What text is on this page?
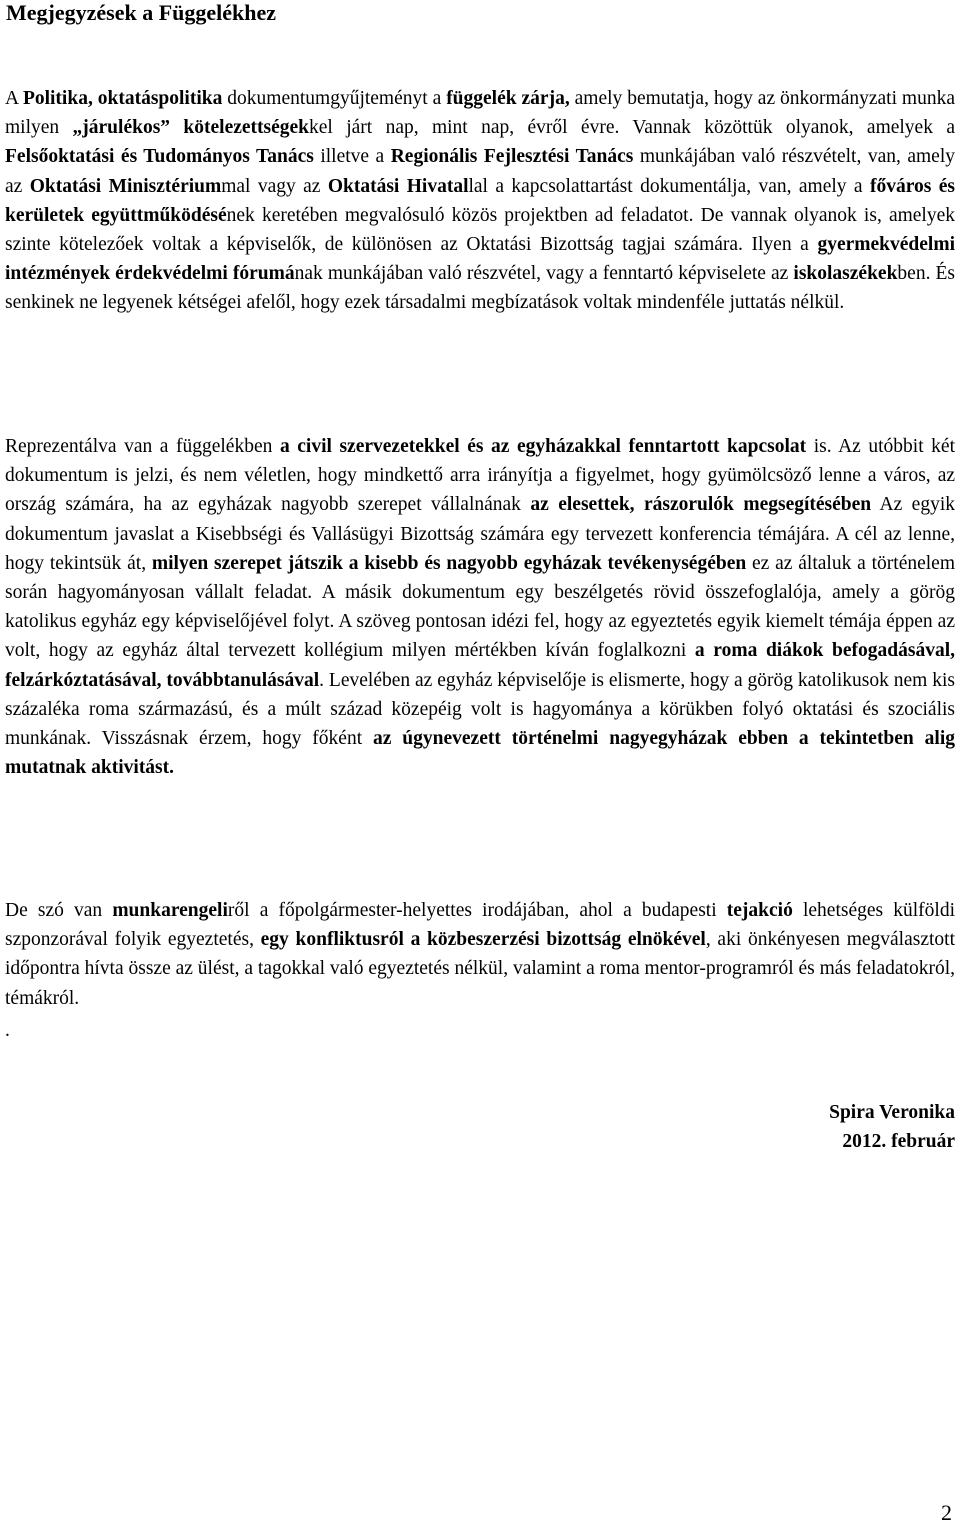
Megjegyzések a Függelékhez

A Politika, oktatáspolitika dokumentumgyűjteményt a függelék zárja, amely bemutatja, hogy az önkormányzati munka milyen „járulékos” kötelezettségekkel járt nap, mint nap, évről évre. Vannak közöttük olyanok, amelyek a Felsőoktatási és Tudományos Tanács illetve a Regionális Fejlesztési Tanács munkájában való részvételt, van, amely az Oktatási Minisztériummal vagy az Oktatási Hivatallal a kapcsolattartást dokumentálja, van, amely a főváros és kerületek együttműködésének keretében megvalósuló közös projektben ad feladatot. De vannak olyanok is, amelyek szinte kötelezőek voltak a képviselők, de különösen az Oktatási Bizottság tagjai számára. Ilyen a gyermekvédelmi intézmények érdekvédelmi fórumának munkájában való részvétel, vagy a fenntartó képviselete az iskolaszékekben. És senkinek ne legyenek kétségei afelől, hogy ezek társadalmi megbízatások voltak mindenféle juttatás nélkül.

Reprezentálva van a függelékben a civil szervezetekkel és az egyházakkal fenntartott kapcsolat is. Az utóbbit két dokumentum is jelzi, és nem véletlen, hogy mindkettő arra irányítja a figyelmet, hogy gyümölcsöző lenne a város, az ország számára, ha az egyházak nagyobb szerepet vállalnának az elesettek, rászorulók megsegítésében Az egyik dokumentum javaslat a Kisebbségi és Vallásügyi Bizottság számára egy tervezett konferencia témájára. A cél az lenne, hogy tekintsük át, milyen szerepet játszik a kisebb és nagyobb egyházak tevékenységében ez az általuk a történelem során hagyományosan vállalt feladat. A másik dokumentum egy beszélgetés rövid összefoglalója, amely a görög katolikus egyház egy képviselőjével folyt. A szöveg pontosan idézi fel, hogy az egyeztetés egyik kiemelt témája éppen az volt, hogy az egyház által tervezett kollégium milyen mértékben kíván foglalkozni a roma diákok befogadásával, felzárkóztatásával, továbbtanulásával. Levelében az egyház képviselője is elismerte, hogy a görög katolikusok nem kis százaléka roma származású, és a múlt század közepéig volt is hagyománya a körükben folyó oktatási és szociális munkának. Visszásnak érzem, hogy főként az úgynevezett történelmi nagyegyházak ebben a tekintetben alig mutatnak aktivitást.

De szó van munkarengeliről a főpolgármester-helyettes irodájában, ahol a budapesti tejakció lehetséges külföldi szponzorával folyik egyeztetés, egy konfliktusról a közbeszerzési bizottság elnökével, aki önkényesen megválasztott időpontra hívta össze az ülést, a tagokkal való egyeztetés nélkül, valamint a roma mentor-programról és más feladatokról, témákról.

.

Spira Veronika
2012. február
2
